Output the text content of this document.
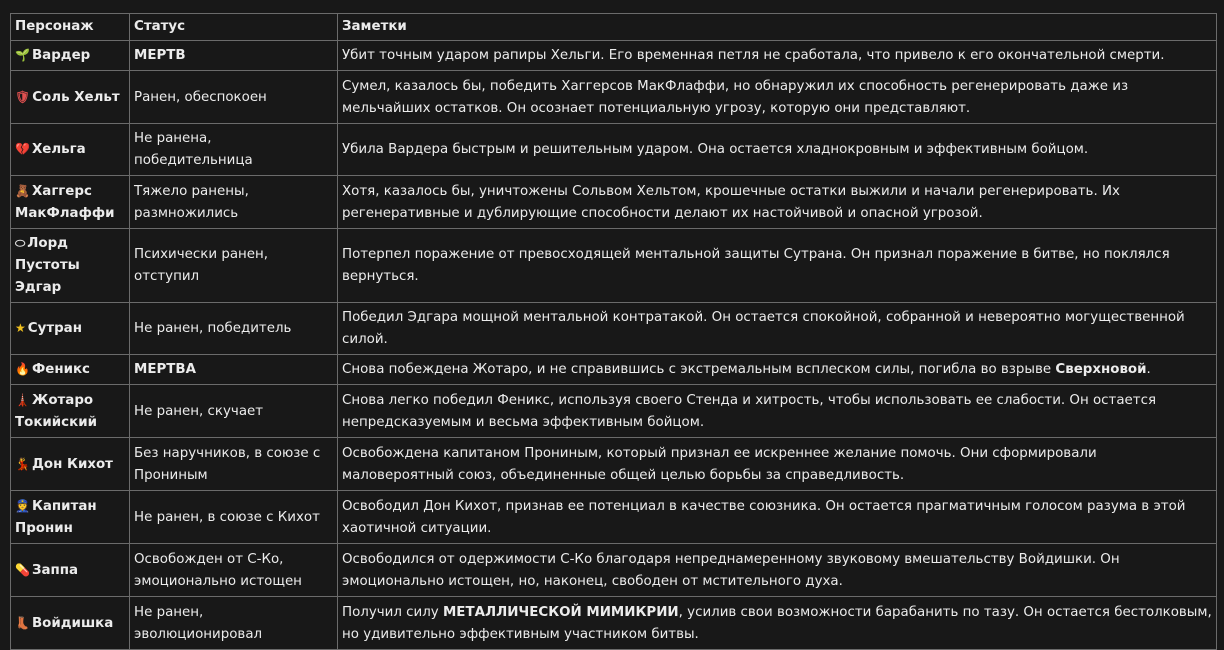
Персонаж	Статус	Заметки
🌱 Вардер	МЕРТВ	Убит точным ударом рапиры Хельги. Его временная петля не сработала, что привело к его окончательной смерти.
🛡 Соль Хельт	Ранен, обеспокоен	Сумел, казалось бы, победить Хаггерсов МакФлаффи, но обнаружил их способность регенерировать даже из мельчайших остатков. Он осознает потенциальную угрозу, которую они представляют.
💔 Хельга	Не ранена, победительница	Убила Вардера быстрым и решительным ударом. Она остается хладнокровным и эффективным бойцом.
🧸 Хаггерс МакФлаффи	Тяжело ранены, размножились	Хотя, казалось бы, уничтожены Сольвом Хельтом, крошечные остатки выжили и начали регенерировать. Их регенеративные и дублирующие способности делают их настойчивой и опасной угрозой.
⬭ Лорд Пустоты Эдгар	Психически ранен, отступил	Потерпел поражение от превосходящей ментальной защиты Сутрана. Он признал поражение в битве, но поклялся вернуться.
★ Сутран	Не ранен, победитель	Победил Эдгара мощной ментальной контратакой. Он остается спокойной, собранной и невероятно могущественной силой.
🔥 Феникс	МЕРТВА	Снова побеждена Жотаро, и не справившись с экстремальным всплеском силы, погибла во взрыве Сверхновой.
🗼 Жотаро Токийский	Не ранен, скучает	Снова легко победил Феникс, используя своего Стенда и хитрость, чтобы использовать ее слабости. Он остается непредсказуемым и весьма эффективным бойцом.
💃 Дон Кихот	Без наручников, в союзе с Прониным	Освобождена капитаном Прониным, который признал ее искреннее желание помочь. Они сформировали маловероятный союз, объединенные общей целью борьбы за справедливость.
👮 Капитан Пронин	Не ранен, в союзе с Кихот	Освободил Дон Кихот, признав ее потенциал в качестве союзника. Он остается прагматичным голосом разума в этой хаотичной ситуации.
💊 Заппа	Освобожден от С-Ко, эмоционально истощен	Освободился от одержимости С-Ко благодаря непреднамеренному звуковому вмешательству Войдишки. Он эмоционально истощен, но, наконец, свободен от мстительного духа.
👢 Войдишка	Не ранен, эволюционировал	Получил силу МЕТАЛЛИЧЕСКОЙ МИМИКРИИ, усилив свои возможности барабанить по тазу. Он остается бестолковым, но удивительно эффективным участником битвы.
